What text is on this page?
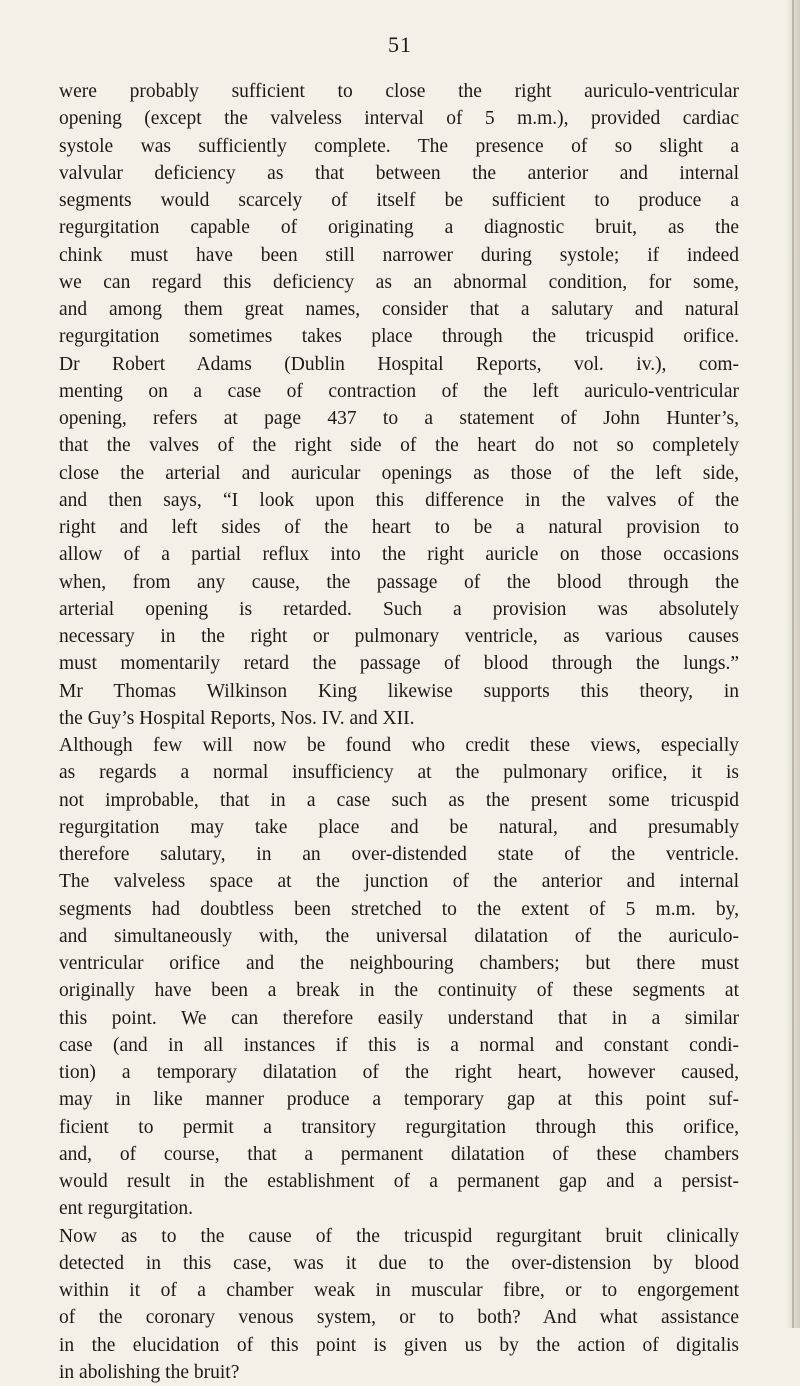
51
were probably sufficient to close the right auriculo-ventricular
opening (except the valveless interval of 5 m.m.), provided cardiac
systole was sufficiently complete. The presence of so slight a
valvular deficiency as that between the anterior and internal
segments would scarcely of itself be sufficient to produce a
regurgitation capable of originating a diagnostic bruit, as the
chink must have been still narrower during systole; if indeed
we can regard this deficiency as an abnormal condition, for some,
and among them great names, consider that a salutary and natural
regurgitation sometimes takes place through the tricuspid orifice.
Dr Robert Adams (Dublin Hospital Reports, vol. iv.), com-
menting on a case of contraction of the left auriculo-ventricular
opening, refers at page 437 to a statement of John Hunter’s,
that the valves of the right side of the heart do not so completely
close the arterial and auricular openings as those of the left side,
and then says, “I look upon this difference in the valves of the
right and left sides of the heart to be a natural provision to
allow of a partial reflux into the right auricle on those occasions
when, from any cause, the passage of the blood through the
arterial opening is retarded. Such a provision was absolutely
necessary in the right or pulmonary ventricle, as various causes
must momentarily retard the passage of blood through the lungs.”
Mr Thomas Wilkinson King likewise supports this theory, in
the Guy’s Hospital Reports, Nos. IV. and XII.
Although few will now be found who credit these views, especially
as regards a normal insufficiency at the pulmonary orifice, it is
not improbable, that in a case such as the present some tricuspid
regurgitation may take place and be natural, and presumably
therefore salutary, in an over-distended state of the ventricle.
The valveless space at the junction of the anterior and internal
segments had doubtless been stretched to the extent of 5 m.m. by,
and simultaneously with, the universal dilatation of the auriculo-
ventricular orifice and the neighbouring chambers; but there must
originally have been a break in the continuity of these segments at
this point. We can therefore easily understand that in a similar
case (and in all instances if this is a normal and constant condi-
tion) a temporary dilatation of the right heart, however caused,
may in like manner produce a temporary gap at this point suf-
ficient to permit a transitory regurgitation through this orifice,
and, of course, that a permanent dilatation of these chambers
would result in the establishment of a permanent gap and a persist-
ent regurgitation.
Now as to the cause of the tricuspid regurgitant bruit clinically
detected in this case, was it due to the over-distension by blood
within it of a chamber weak in muscular fibre, or to engorgement
of the coronary venous system, or to both? And what assistance
in the elucidation of this point is given us by the action of digitalis
in abolishing the bruit?
